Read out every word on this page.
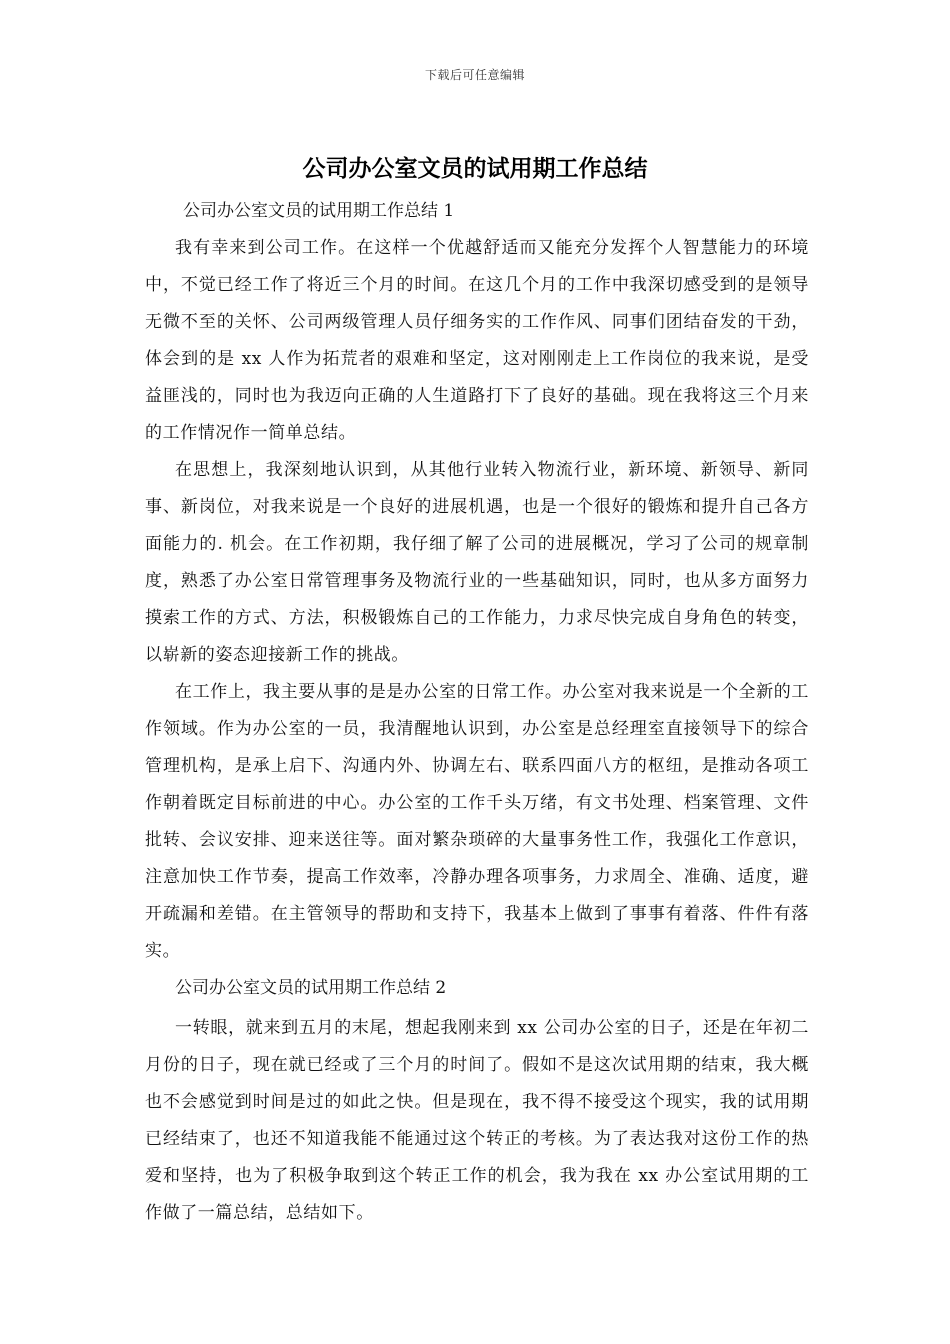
下载后可任意编辑
公司办公室文员的试用期工作总结

公司办公室文员的试用期工作总结 1

我有幸来到公司工作。在这样一个优越舒适而又能充分发挥个人智慧能力的环境中，不觉已经工作了将近三个月的时间。在这几个月的工作中我深切感受到的是领导无微不至的关怀、公司两级管理人员仔细务实的工作作风、同事们团结奋发的干劲，体会到的是 xx 人作为拓荒者的艰难和坚定，这对刚刚走上工作岗位的我来说，是受益匪浅的，同时也为我迈向正确的人生道路打下了良好的基础。现在我将这三个月来的工作情况作一简单总结。

在思想上，我深刻地认识到，从其他行业转入物流行业，新环境、新领导、新同事、新岗位，对我来说是一个良好的进展机遇，也是一个很好的锻炼和提升自己各方面能力的. 机会。在工作初期，我仔细了解了公司的进展概况，学习了公司的规章制度，熟悉了办公室日常管理事务及物流行业的一些基础知识，同时，也从多方面努力摸索工作的方式、方法，积极锻炼自己的工作能力，力求尽快完成自身角色的转变，以崭新的姿态迎接新工作的挑战。

在工作上，我主要从事的是是办公室的日常工作。办公室对我来说是一个全新的工作领域。作为办公室的一员，我清醒地认识到，办公室是总经理室直接领导下的综合管理机构，是承上启下、沟通内外、协调左右、联系四面八方的枢纽，是推动各项工作朝着既定目标前进的中心。办公室的工作千头万绪，有文书处理、档案管理、文件批转、会议安排、迎来送往等。面对繁杂琐碎的大量事务性工作，我强化工作意识，注意加快工作节奏，提高工作效率，冷静办理各项事务，力求周全、准确、适度，避开疏漏和差错。在主管领导的帮助和支持下，我基本上做到了事事有着落、件件有落实。

公司办公室文员的试用期工作总结 2

一转眼，就来到五月的末尾，想起我刚来到 xx 公司办公室的日子，还是在年初二月份的日子，现在就已经或了三个月的时间了。假如不是这次试用期的结束，我大概也不会感觉到时间是过的如此之快。但是现在，我不得不接受这个现实，我的试用期已经结束了，也还不知道我能不能通过这个转正的考核。为了表达我对这份工作的热爱和坚持，也为了积极争取到这个转正工作的机会，我为我在 xx 办公室试用期的工作做了一篇总结，总结如下。
